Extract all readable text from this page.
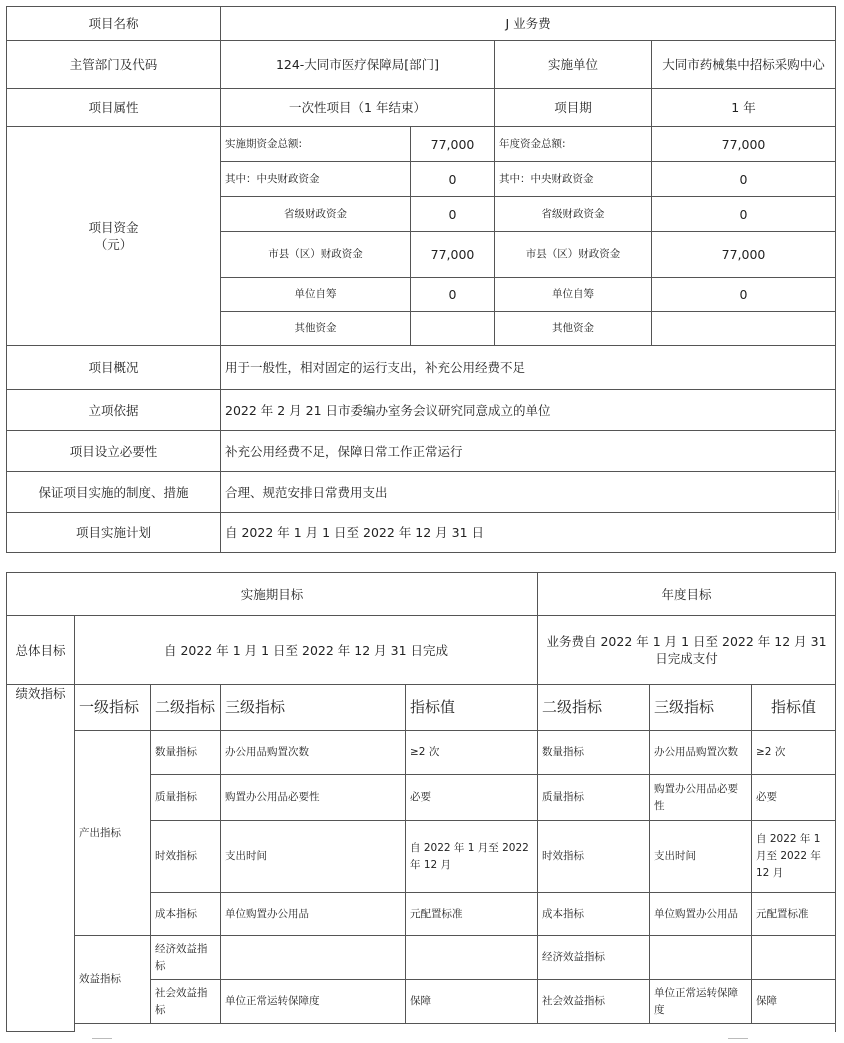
项目名称	J 业务费			
主管部门及代码	124-大同市医疗保障局[部门]		实施单位	大同市药械集中招标采购中心
项目属性	一次性项目（1 年结束）		项目期	1 年
项目资金
（元）	实施期资金总额:	77,000	年度资金总额:	77,000
	其中：中央财政资金	0	其中：中央财政资金	0
	省级财政资金	0	省级财政资金	0
	市县（区）财政资金	77,000	市县（区）财政资金	77,000
	单位自筹	0	单位自筹	0
	其他资金		其他资金	
项目概况	用于一般性，相对固定的运行支出，补充公用经费不足			
立项依据	2022 年 2 月 21 日市委编办室务会议研究同意成立的单位			
项目设立必要性	补充公用经费不足，保障日常工作正常运行			
保证项目实施的制度、措施	合理、规范安排日常费用支出			
项目实施计划	自 2022 年 1 月 1 日至 2022 年 12 月 31 日			
实施期目标		年度目标
总体目标	自 2022 年 1 月 1 日至 2022 年 12 月 31 日完成	业务费自 2022 年 1 月 1 日至 2022 年 12 月 31 日完成支付
绩效指标	一级指标	二级指标	三级指标	指标值	二级指标	三级指标	指标值
	产出指标	数量指标	办公用品购置次数	≥2 次	数量指标	办公用品购置次数	≥2 次
		质量指标	购置办公用品必要性	必要	质量指标	购置办公用品必要性	必要
		时效指标	支出时间	自 2022 年 1 月至 2022 年 12 月	时效指标	支出时间	自 2022 年 1 月至 2022 年 12 月
		成本指标	单位购置办公用品	元配置标准	成本指标	单位购置办公用品	元配置标准
	效益指标	经济效益指标			经济效益指标		
		社会效益指标	单位正常运转保障度	保障	社会效益指标	单位正常运转保障度	保障
